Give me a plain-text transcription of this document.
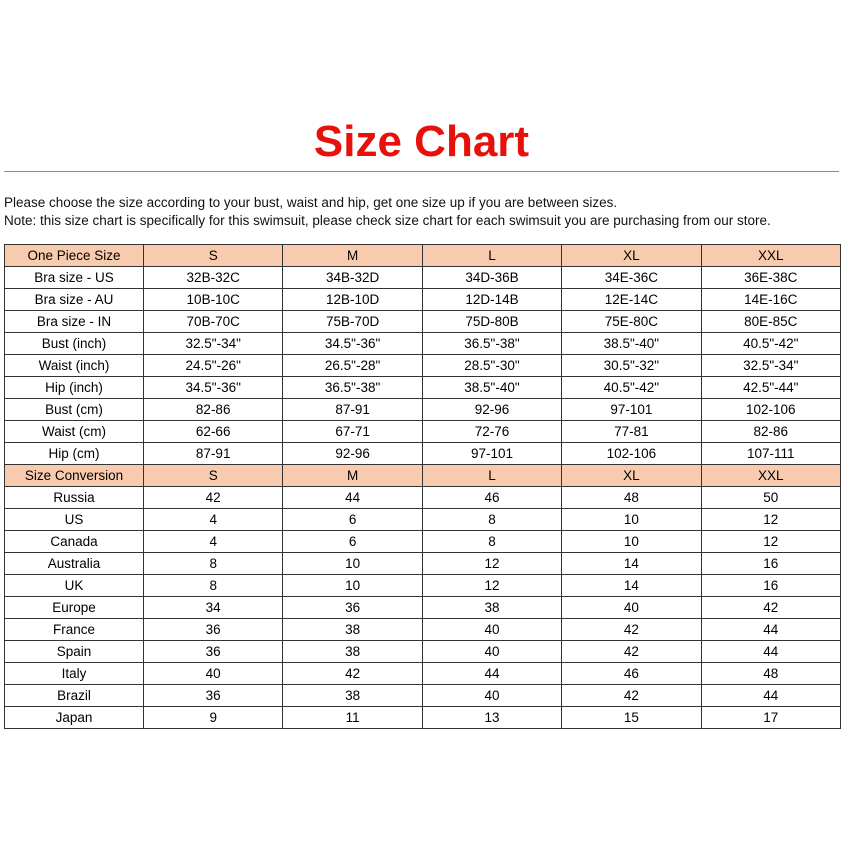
Size Chart

Please choose the size according to your bust, waist and hip, get one size up if you are between sizes.

Note: this size chart is specifically for this swimsuit, please check size chart for each swimsuit you are purchasing from our store.

One Piece Size	S	M	L	XL	XXL
Bra size - US	32B-32C	34B-32D	34D-36B	34E-36C	36E-38C
Bra size - AU	10B-10C	12B-10D	12D-14B	12E-14C	14E-16C
Bra size - IN	70B-70C	75B-70D	75D-80B	75E-80C	80E-85C
Bust (inch)	32.5"-34"	34.5"-36"	36.5"-38"	38.5"-40"	40.5"-42"
Waist (inch)	24.5"-26"	26.5"-28"	28.5"-30"	30.5"-32"	32.5"-34"
Hip (inch)	34.5"-36"	36.5"-38"	38.5"-40"	40.5"-42"	42.5"-44"
Bust (cm)	82-86	87-91	92-96	97-101	102-106
Waist (cm)	62-66	67-71	72-76	77-81	82-86
Hip (cm)	87-91	92-96	97-101	102-106	107-111
Size Conversion	S	M	L	XL	XXL
Russia	42	44	46	48	50
US	4	6	8	10	12
Canada	4	6	8	10	12
Australia	8	10	12	14	16
UK	8	10	12	14	16
Europe	34	36	38	40	42
France	36	38	40	42	44
Spain	36	38	40	42	44
Italy	40	42	44	46	48
Brazil	36	38	40	42	44
Japan	9	11	13	15	17
